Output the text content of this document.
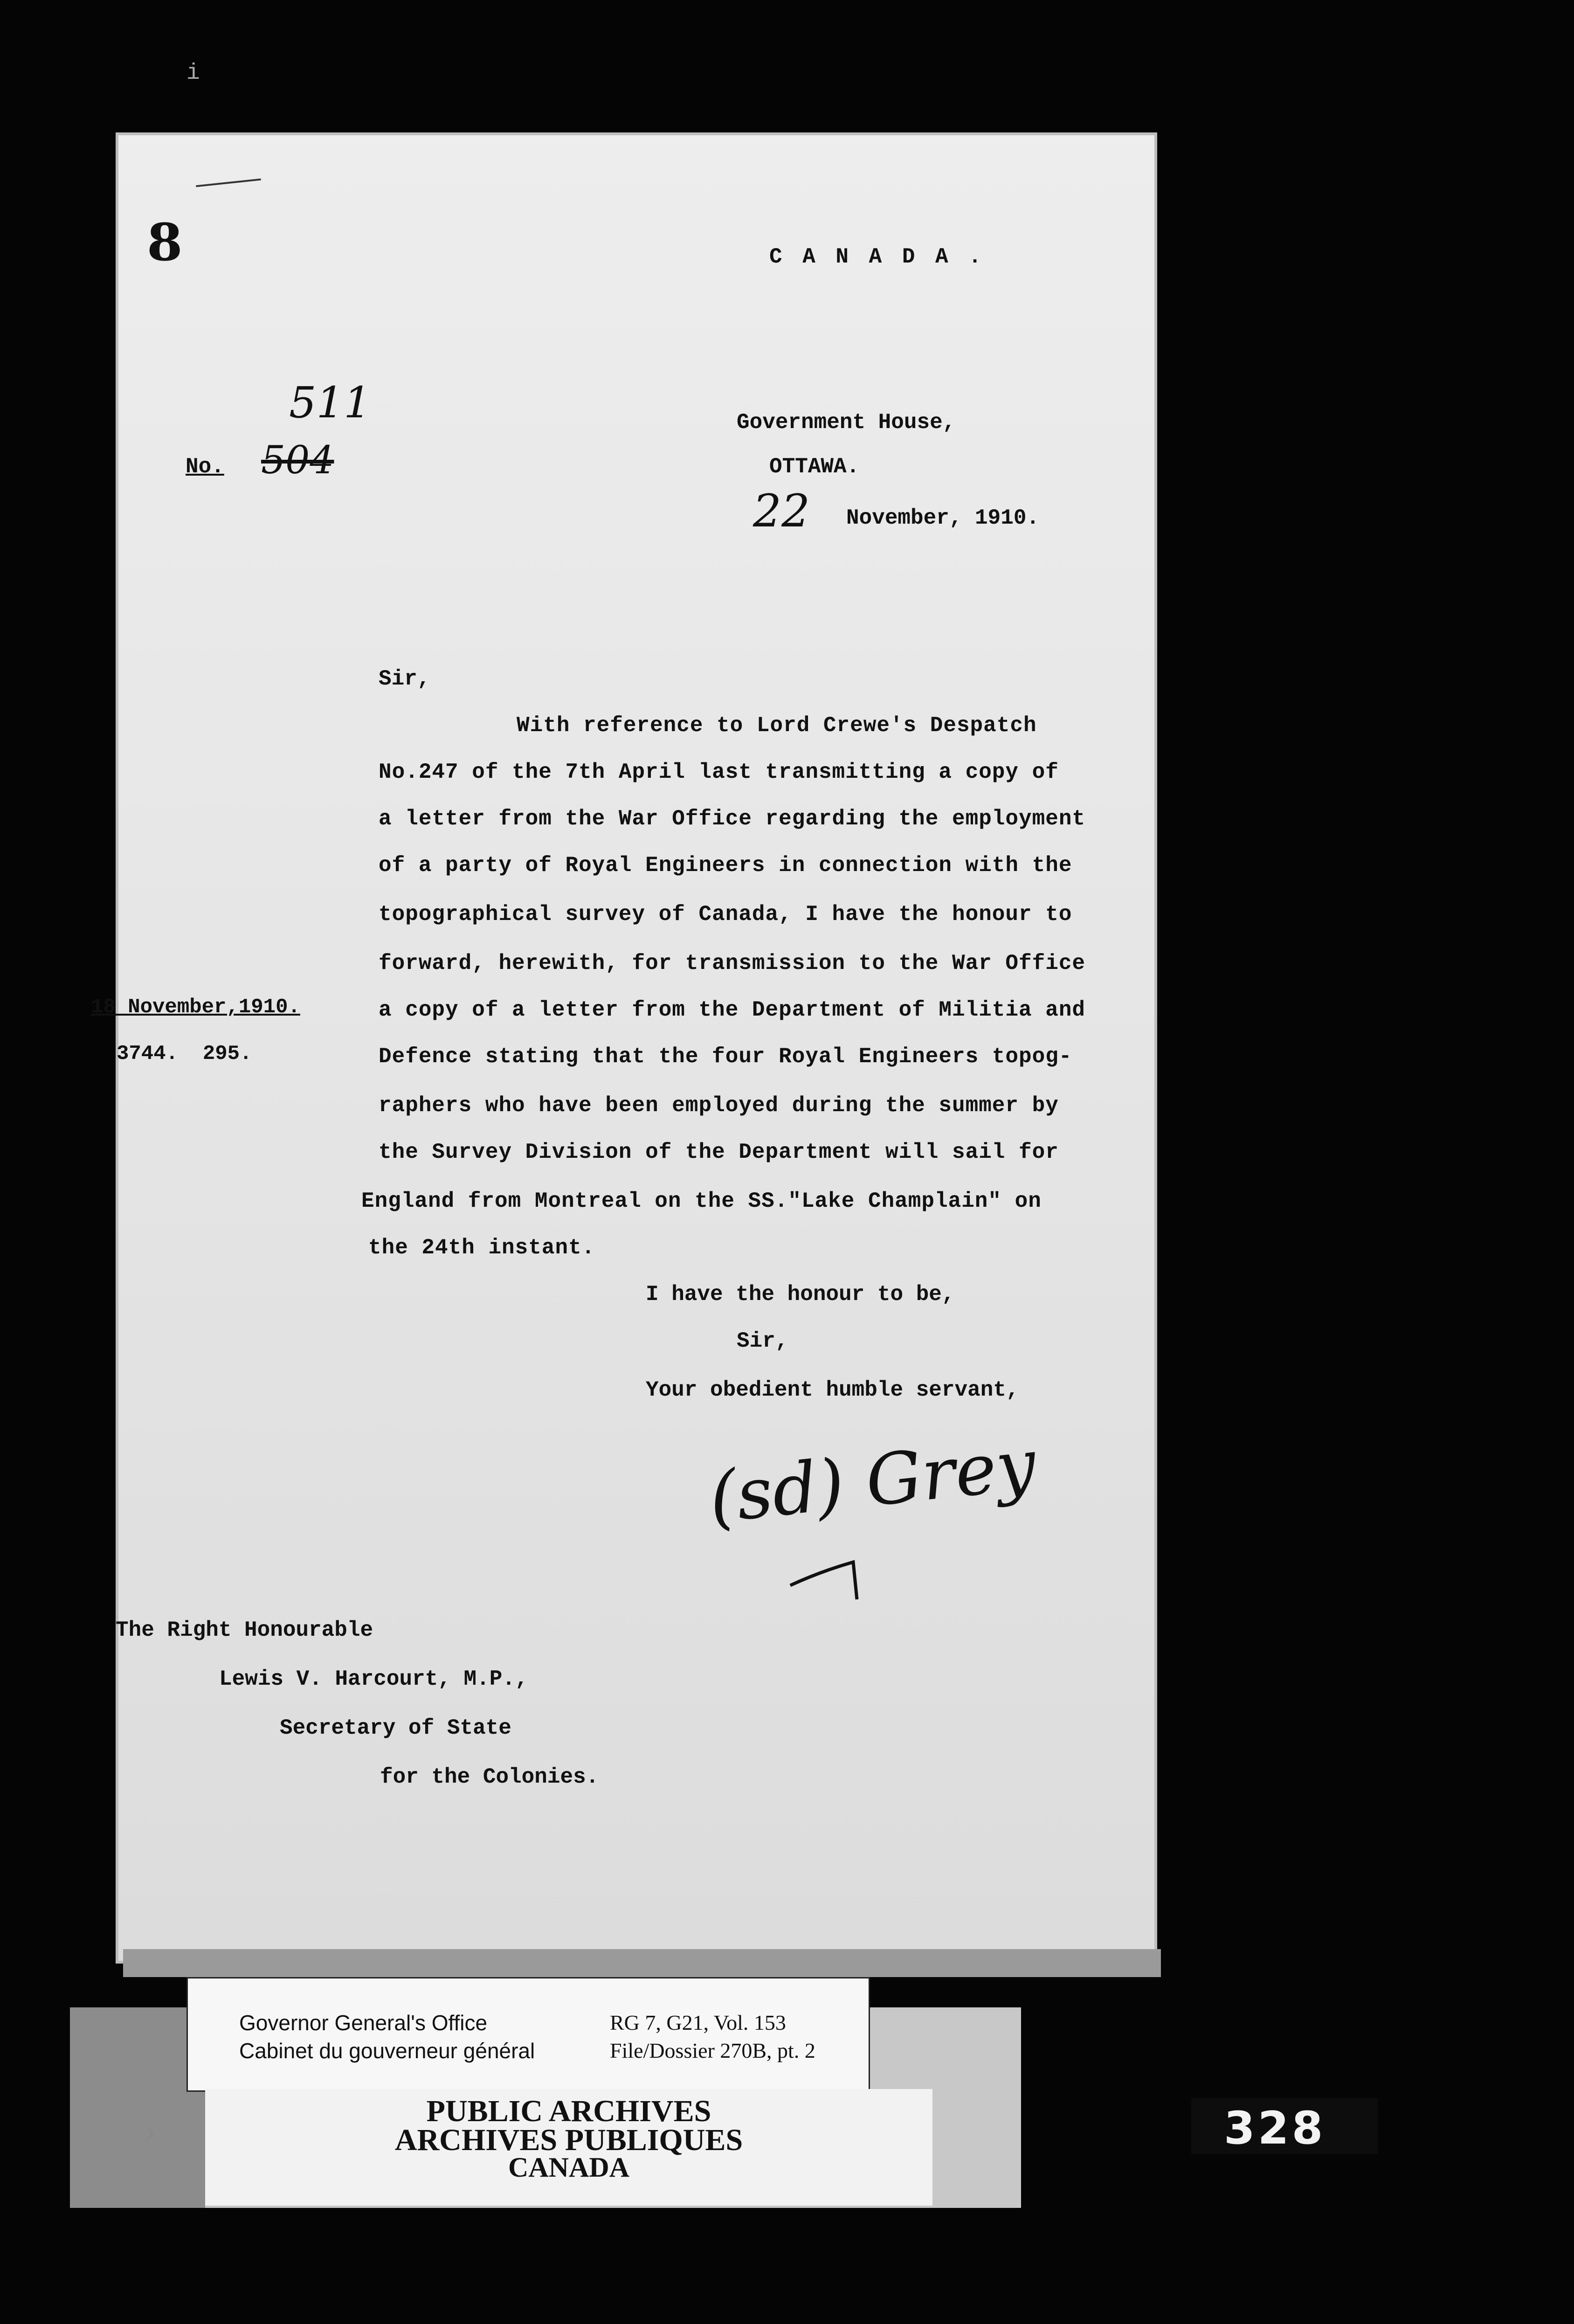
i
8	C A N A D A .
No. 504
511	Government House,
OTTAWA.
22 November, 1910.
Sir,
With reference to Lord Crewe's Despatch
No.247 of the 7th April last transmitting a copy of
a letter from the War Office regarding the employment
of a party of Royal Engineers in connection with the
topographical survey of Canada, I have the honour to
forward, herewith, for transmission to the War Office
a copy of a letter from the Department of Militia and
Defence stating that the four Royal Engineers topog-
raphers who have been employed during the summer by
the Survey Division of the Department will sail for
England from Montreal on the SS."Lake Champlain" on
the 24th instant.
18 November,1910.
3744.  295.
I have the honour to be,
Sir,
Your obedient humble servant,
(sd) Grey
The Right Honourable
Lewis V. Harcourt, M.P.,
Secretary of State
for the Colonies.
Governor General's Office
Cabinet du gouverneur général
RG 7, G21, Vol. 153
File/Dossier 270B, pt. 2
PUBLIC ARCHIVES
ARCHIVES PUBLIQUES
CANADA
›	328
